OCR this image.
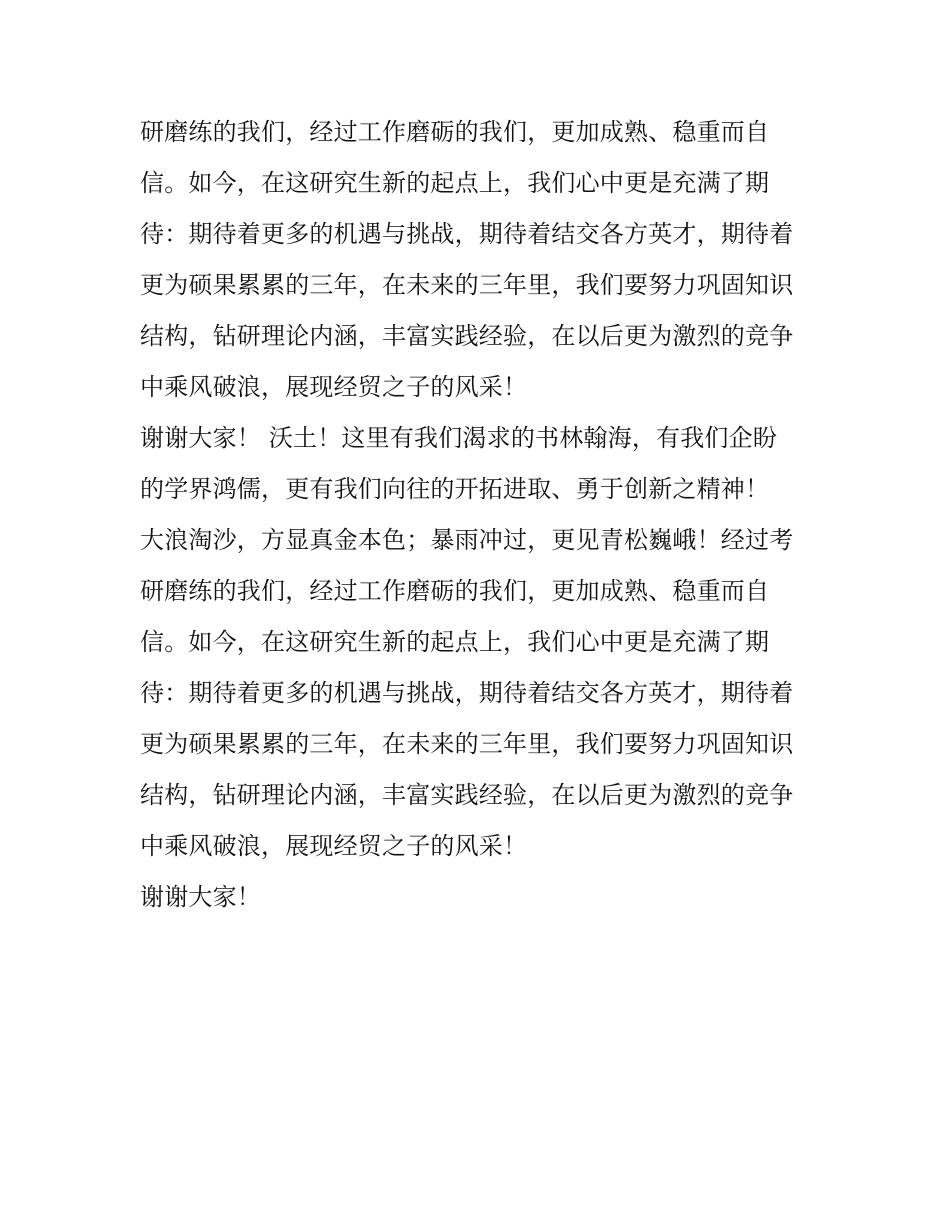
研磨练的我们，经过工作磨砺的我们，更加成熟、稳重而自
信。如今，在这研究生新的起点上，我们心中更是充满了期
待：期待着更多的机遇与挑战，期待着结交各方英才，期待着
更为硕果累累的三年，在未来的三年里，我们要努力巩固知识
结构，钻研理论内涵，丰富实践经验，在以后更为激烈的竞争
中乘风破浪，展现经贸之子的风采！
谢谢大家！ 沃土！这里有我们渴求的书林翰海，有我们企盼
的学界鸿儒，更有我们向往的开拓进取、勇于创新之精神！
大浪淘沙，方显真金本色；暴雨冲过，更见青松巍峨！经过考
研磨练的我们，经过工作磨砺的我们，更加成熟、稳重而自
信。如今，在这研究生新的起点上，我们心中更是充满了期
待：期待着更多的机遇与挑战，期待着结交各方英才，期待着
更为硕果累累的三年，在未来的三年里，我们要努力巩固知识
结构，钻研理论内涵，丰富实践经验，在以后更为激烈的竞争
中乘风破浪，展现经贸之子的风采！
谢谢大家！
